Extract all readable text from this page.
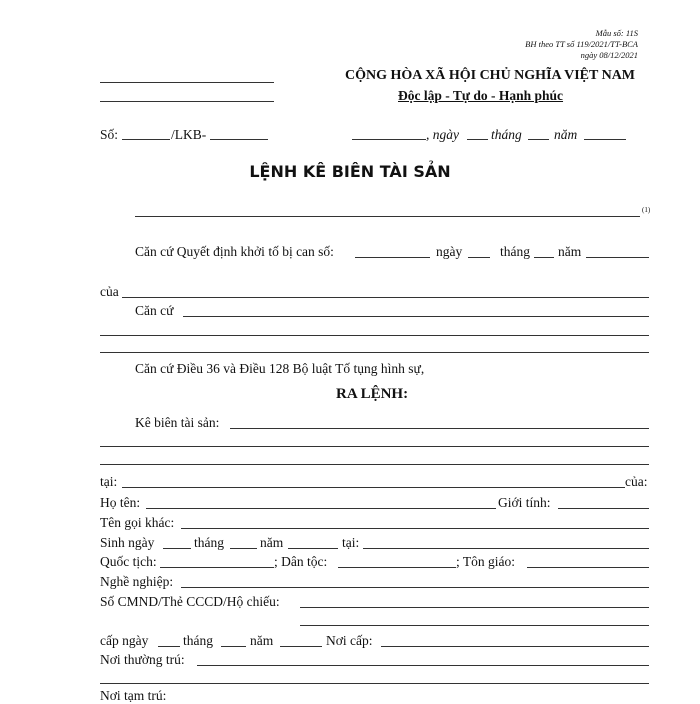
Mẫu số: 11S
BH theo TT số 119/2021/TT-BCA
ngày 08/12/2021
CỘNG HÒA XÃ HỘI CHỦ NGHĨA VIỆT NAM
Độc lập - Tự do - Hạnh phúc
Số:	/LKB-	, ngày tháng năm
LỆNH KÊ BIÊN TÀI SẢN
(1)
Căn cứ Quyết định khởi tố bị can số:	ngày	tháng năm
của
Căn cứ
Căn cứ Điều 36 và Điều 128 Bộ luật Tố tụng hình sự,
RA LỆNH:
Kê biên tài sản:
tại:	của:
Họ tên:	Giới tính:
Tên gọi khác:
Sinh ngày	tháng	năm	tại:
Quốc tịch:	; Dân tộc:	; Tôn giáo:
Nghề nghiệp:
Số CMND/Thẻ CCCD/Hộ chiếu:
cấp ngày	tháng	năm	Nơi cấp:
Nơi thường trú:
Nơi tạm trú:
